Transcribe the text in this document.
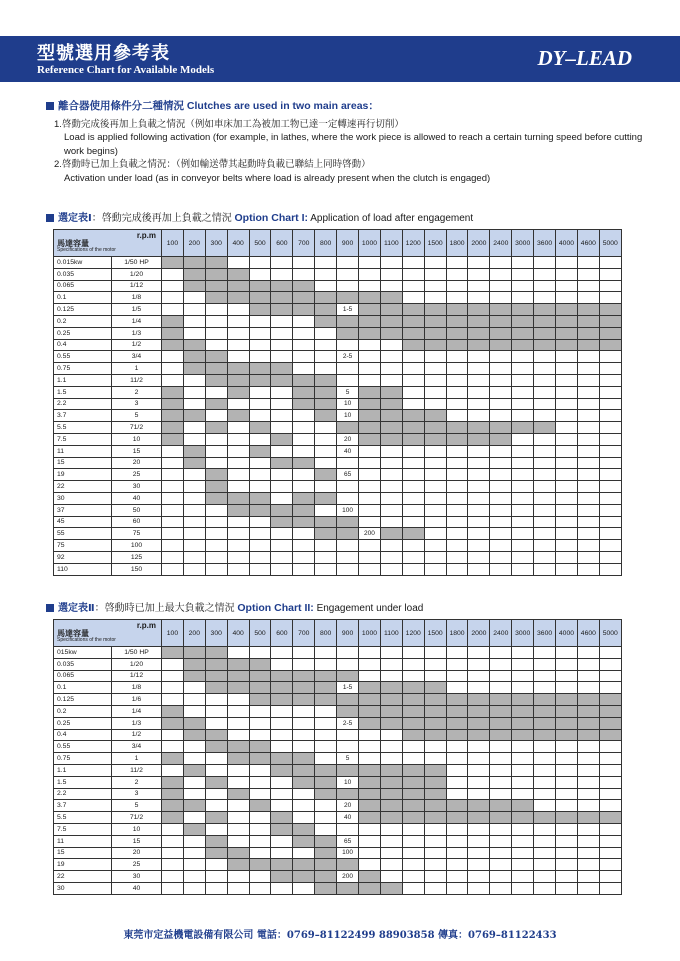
型號選用參考表
Reference Chart for Available Models	DY–LEAD
離合器使用條件分二種情況 Clutches are used in two main areas：
1.啓動完成後再加上負載之情況（例如車床加工為被加工物已達一定轉速再行切削）
Load is applied following activation (for example, in lathes, where the work piece is allowed to reach a certain turning speed before cutting work begins)
2.啓動時已加上負載之情況：（例如輸送帶其起動時負載已聯結上同時啓動）
Activation under load (as in conveyor belts where load is already present when the clutch is engaged)
選定表Ⅰ：啓動完成後再加上負載之情況 Option Chart I: Application of load after engagement
r.p.m
馬達容量
Specifications of the motor		100	200	300	400	500	600	700	800	900	1000	1100	1200	1500	1800	2000	2400	3000	3600	4000	4600	5000
0.015kw	1/50 HP																					
0.035	1/20																					
0.065	1/12																					
0.1	1/8																					
0.125	1/5									1-5												
0.2	1/4																					
0.25	1/3																					
0.4	1/2																					
0.55	3/4									2-5												
0.75	1																					
1.1	11/2																					
1.5	2									5												
2.2	3									10												
3.7	5									10												
5.5	71/2																					
7.5	10									20												
11	15									40												
15	20																					
19	25									65												
22	30																					
30	40																					
37	50									100												
45	60																					
55	75										200											
75	100																					
92	125																					
110	150																					
選定表Ⅱ：啓動時已加上最大負載之情況 Option Chart II: Engagement under load
r.p.m
馬達容量
Specifications of the motor		100	200	300	400	500	600	700	800	900	1000	1100	1200	1500	1800	2000	2400	3000	3600	4000	4600	5000
015kw	1/50 HP																					
0.035	1/20																					
0.065	1/12																					
0.1	1/8									1-5												
0.125	1/6																					
0.2	1/4																					
0.25	1/3									2-5												
0.4	1/2																					
0.55	3/4																					
0.75	1									5												
1.1	11/2																					
1.5	2									10												
2.2	3																					
3.7	5									20												
5.5	71/2									40												
7.5	10																					
11	15									65												
15	20									100												
19	25																					
22	30									200												
30	40																					
東莞市定益機電設備有限公司 電話：0769–81122499 88903858 傳真：0769–81122433
